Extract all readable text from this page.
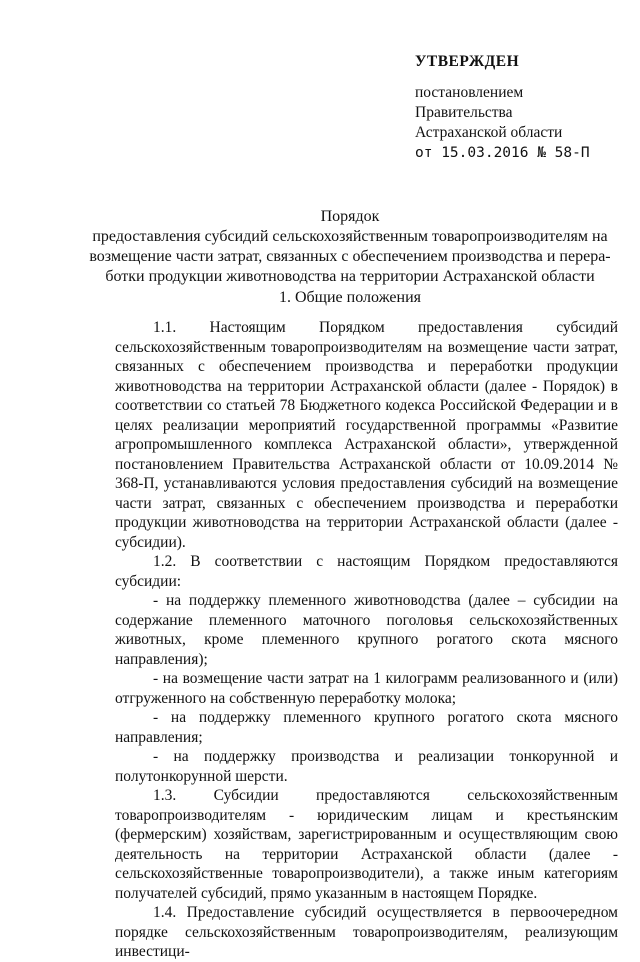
УТВЕРЖДЕН
постановлением
Правительства
Астраханской области
от 15.03.2016 № 58-П
Порядок
предоставления субсидий сельскохозяйственным товаропроизводителям на
возмещение части затрат, связанных с обеспечением производства и перера-
ботки продукции животноводства на территории Астраханской области
1. Общие положения

1.1. Настоящим Порядком предоставления субсидий сельскохозяйственным товаропроизводителям на возмещение части затрат, связанных с обеспечением производства и переработки продукции животноводства на территории Астраханской области (далее - Порядок) в соответствии со статьей 78 Бюджетного кодекса Российской Федерации и в целях реализации мероприятий государственной программы «Развитие агропромышленного комплекса Астраханской области», утвержденной постановлением Правительства Астраханской области от 10.09.2014 № 368-П, устанавливаются условия предоставления субсидий на возмещение части затрат, связанных с обеспечением производства и переработки продукции животноводства на территории Астраханской области (далее - субсидии).

1.2. В соответствии с настоящим Порядком предоставляются субсидии:

- на поддержку племенного животноводства (далее – субсидии на содержание племенного маточного поголовья сельскохозяйственных животных, кроме племенного крупного рогатого скота мясного направления);

- на возмещение части затрат на 1 килограмм реализованного и (или) отгруженного на собственную переработку молока;

- на поддержку племенного крупного рогатого скота мясного направления;

- на поддержку производства и реализации тонкорунной и полутонкорунной шерсти.

1.3. Субсидии предоставляются сельскохозяйственным товаропроизводителям - юридическим лицам и крестьянским (фермерским) хозяйствам, зарегистрированным и осуществляющим свою деятельность на территории Астраханской области (далее - сельскохозяйственные товаропроизводители), а также иным категориям получателей субсидий, прямо указанным в настоящем Порядке.

1.4. Предоставление субсидий осуществляется в первоочередном порядке сельскохозяйственным товаропроизводителям, реализующим инвестици-
